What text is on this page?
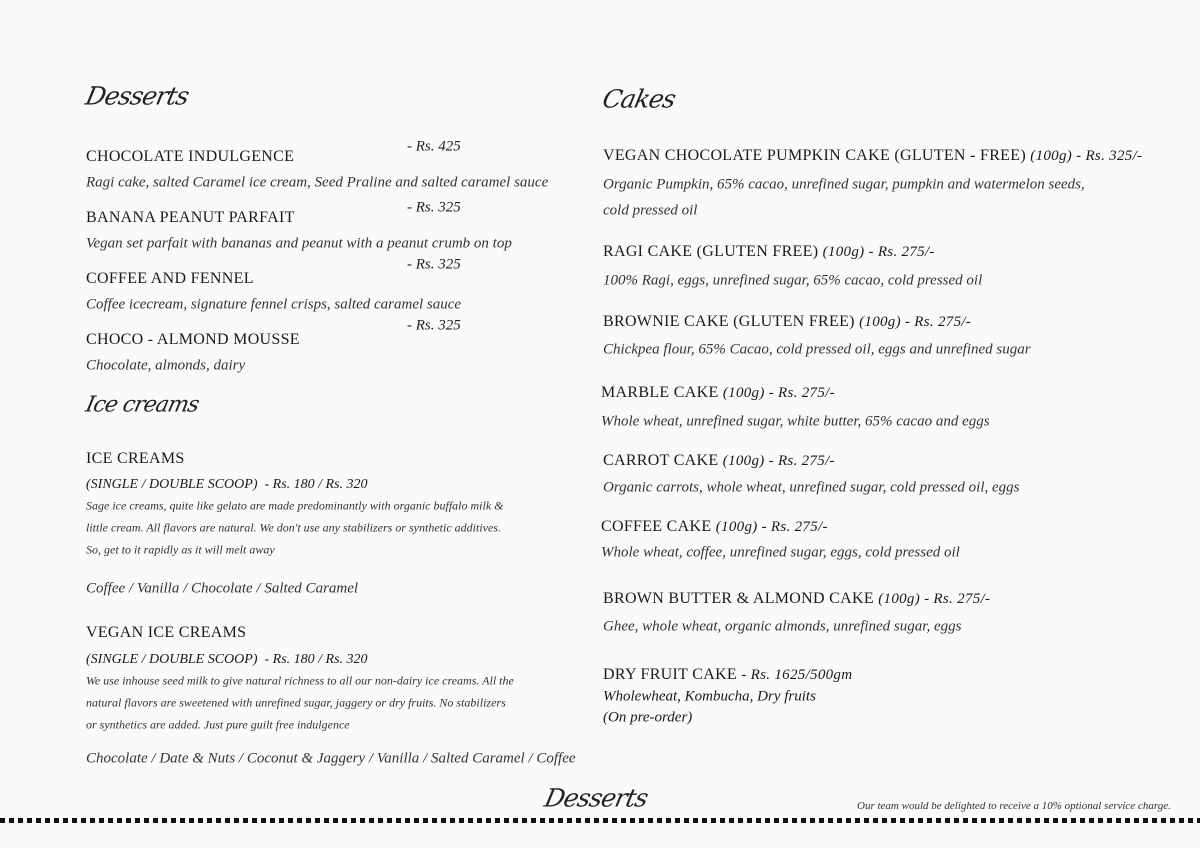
Desserts
CHOCOLATE INDULGENCE
- Rs. 425
Ragi cake, salted Caramel ice cream, Seed Praline and salted caramel sauce
BANANA PEANUT PARFAIT
- Rs. 325
Vegan set parfait with bananas and peanut with a peanut crumb on top
COFFEE AND FENNEL
- Rs. 325
Coffee icecream, signature fennel crisps, salted caramel sauce
CHOCO - ALMOND MOUSSE
- Rs. 325
Chocolate, almonds, dairy
Ice creams
ICE CREAMS
(SINGLE / DOUBLE SCOOP) - Rs. 180 / Rs. 320
Sage ice creams, quite like gelato are made predominantly with organic buffalo milk &
little cream. All flavors are natural. We don't use any stabilizers or synthetic additives.
So, get to it rapidly as it will melt away
Coffee / Vanilla / Chocolate / Salted Caramel
VEGAN ICE CREAMS
(SINGLE / DOUBLE SCOOP) - Rs. 180 / Rs. 320
We use inhouse seed milk to give natural richness to all our non-dairy ice creams. All the
natural flavors are sweetened with unrefined sugar, jaggery or dry fruits. No stabilizers
or synthetics are added. Just pure guilt free indulgence
Chocolate / Date & Nuts / Coconut & Jaggery / Vanilla / Salted Caramel / Coffee
Cakes
VEGAN CHOCOLATE PUMPKIN CAKE (GLUTEN - FREE) (100g) - Rs. 325/-
Organic Pumpkin, 65% cacao, unrefined sugar, pumpkin and watermelon seeds,
cold pressed oil
RAGI CAKE (GLUTEN FREE) (100g) - Rs. 275/-
100% Ragi, eggs, unrefined sugar, 65% cacao, cold pressed oil
BROWNIE CAKE (GLUTEN FREE) (100g) - Rs. 275/-
Chickpea flour, 65% Cacao, cold pressed oil, eggs and unrefined sugar
MARBLE CAKE (100g) - Rs. 275/-
Whole wheat, unrefined sugar, white butter, 65% cacao and eggs
CARROT CAKE (100g) - Rs. 275/-
Organic carrots, whole wheat, unrefined sugar, cold pressed oil, eggs
COFFEE CAKE (100g) - Rs. 275/-
Whole wheat, coffee, unrefined sugar, eggs, cold pressed oil
BROWN BUTTER & ALMOND CAKE (100g) - Rs. 275/-
Ghee, whole wheat, organic almonds, unrefined sugar, eggs
DRY FRUIT CAKE - Rs. 1625/500gm
Wholewheat, Kombucha, Dry fruits
(On pre-order)
Desserts	Our team would be delighted to receive a 10% optional service charge.
